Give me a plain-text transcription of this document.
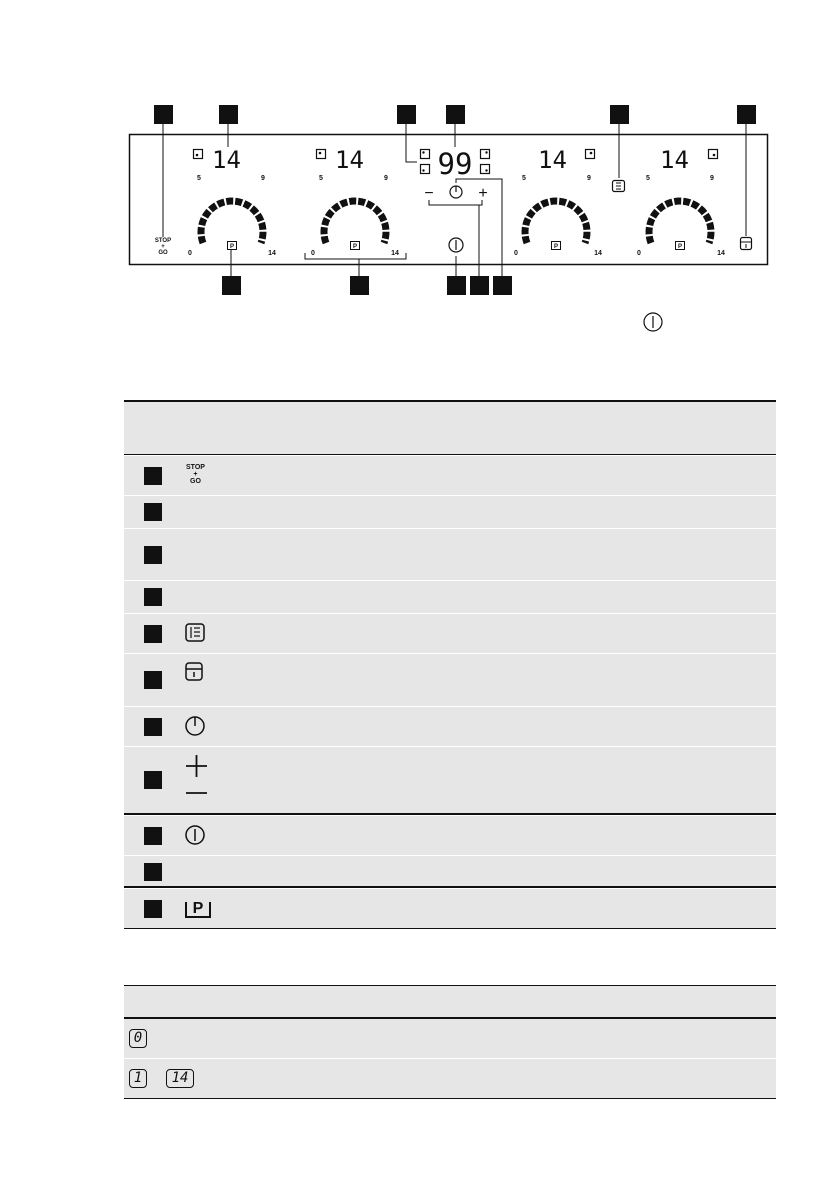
STOP
+
GO
14
5	9
0	14
P
14
5	9
0	14
P
99
−	+
14
5	9
0	14
P
14
5	9
0	14
P
STOP
+
GO
P
0
1	14
